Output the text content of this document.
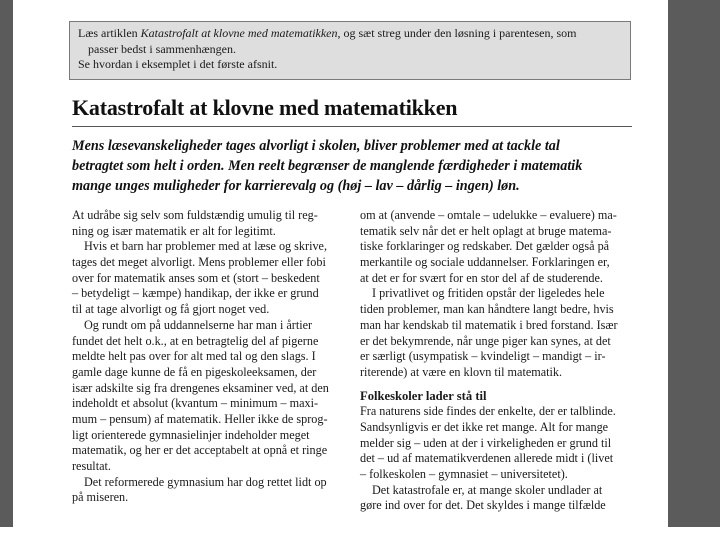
Læs artiklen Katastrofalt at klovne med matematikken, og sæt streg under den løsning i parentesen, som
passer bedst i sammenhængen.
Se hvordan i eksemplet i det første afsnit.
Katastrofalt at klovne med matematikken
Mens læsevanskeligheder tages alvorligt i skolen, bliver problemer med at tackle tal
betragtet som helt i orden. Men reelt begrænser de manglende færdigheder i matematik
mange unges muligheder for karrierevalg og (høj – lav – dårlig – ingen) løn.
At udråbe sig selv som fuldstændig umulig til reg-
ning og især matematik er alt for legitimt.
Hvis et barn har problemer med at læse og skrive,
tages det meget alvorligt. Mens problemer eller fobi
over for matematik anses som et (stort – beskedent
– betydeligt – kæmpe) handikap, der ikke er grund
til at tage alvorligt og få gjort noget ved.
Og rundt om på uddannelserne har man i årtier
fundet det helt o.k., at en betragtelig del af pigerne
meldte helt pas over for alt med tal og den slags. I
gamle dage kunne de få en pigeskoleeksamen, der
især adskilte sig fra drengenes eksaminer ved, at den
indeholdt et absolut (kvantum – minimum – maxi-
mum – pensum) af matematik. Heller ikke de sprog-
ligt orienterede gymnasielinjer indeholder meget
matematik, og her er det acceptabelt at opnå et ringe
resultat.
Det reformerede gymnasium har dog rettet lidt op
på miseren.
om at (anvende – omtale – udelukke – evaluere) ma-
tematik selv når det er helt oplagt at bruge matema-
tiske forklaringer og redskaber. Det gælder også på
merkantile og sociale uddannelser. Forklaringen er,
at det er for svært for en stor del af de studerende.
I privatlivet og fritiden opstår der ligeledes hele
tiden problemer, man kan håndtere langt bedre, hvis
man har kendskab til matematik i bred forstand. Især
er det bekymrende, når unge piger kan synes, at det
er særligt (usympatisk – kvindeligt – mandigt – ir-
riterende) at være en klovn til matematik.
Folkeskoler lader stå til
Fra naturens side findes der enkelte, der er talblinde.
Sandsynligvis er det ikke ret mange. Alt for mange
melder sig – uden at der i virkeligheden er grund til
det – ud af matematikverdenen allerede midt i (livet
– folkeskolen – gymnasiet – universitetet).
Det katastrofale er, at mange skoler undlader at
gøre ind over for det. Det skyldes i mange tilfælde
